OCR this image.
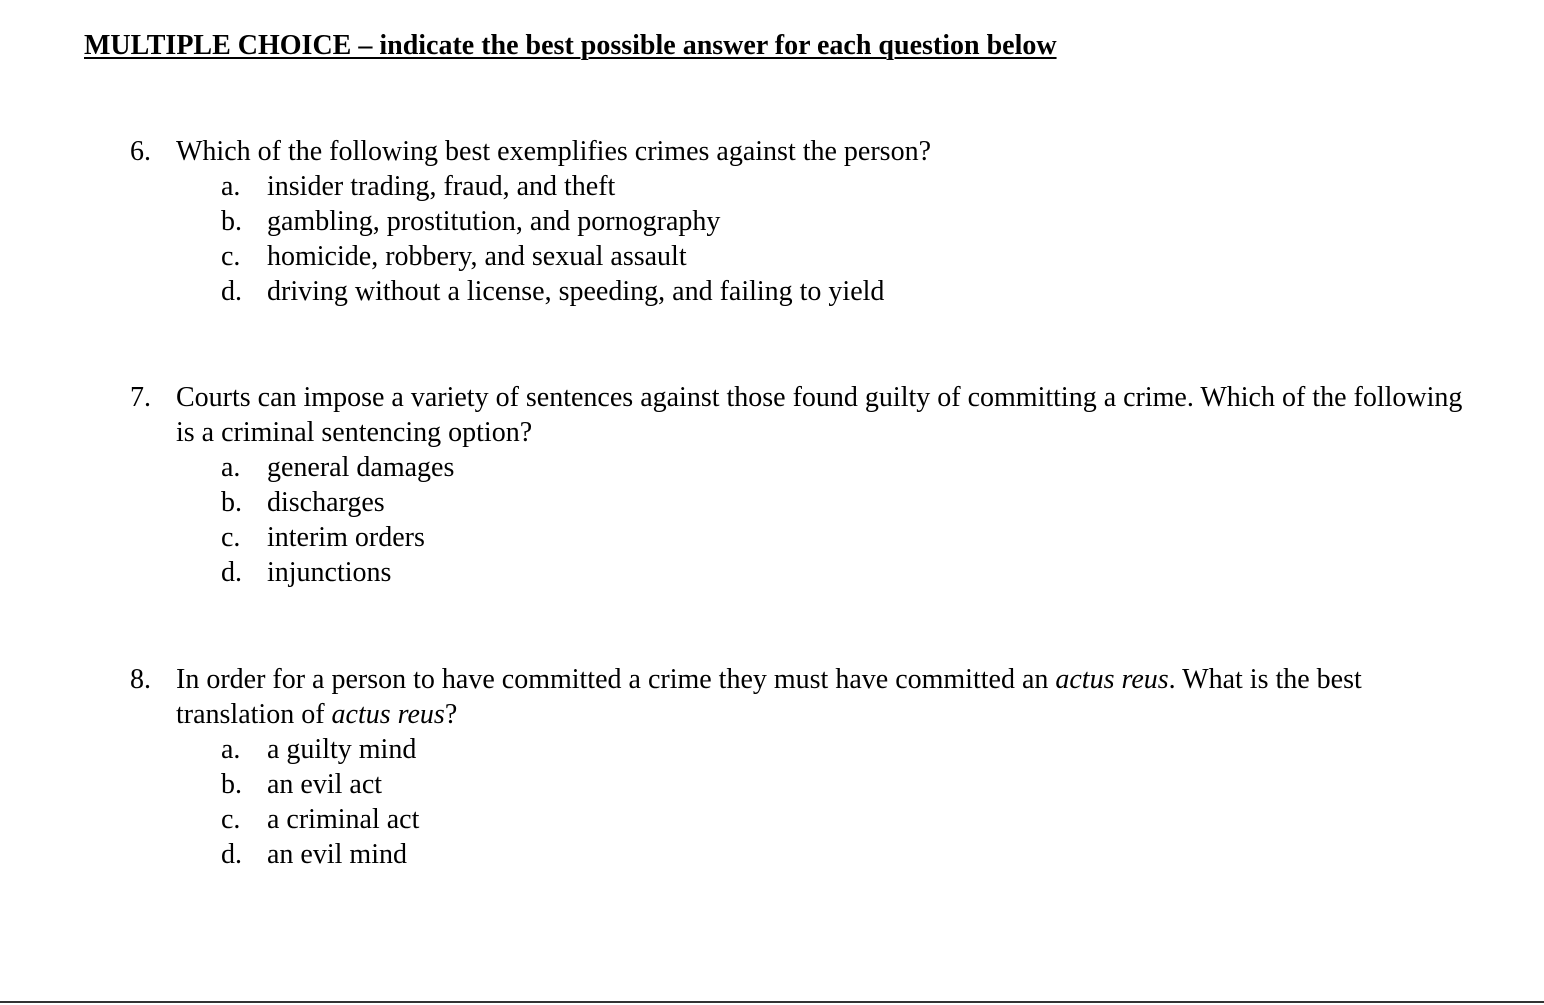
MULTIPLE CHOICE – indicate the best possible answer for each question below
6. Which of the following best exemplifies crimes against the person?
a. insider trading, fraud, and theft
b. gambling, prostitution, and pornography
c. homicide, robbery, and sexual assault
d. driving without a license, speeding, and failing to yield
7. Courts can impose a variety of sentences against those found guilty of committing a crime. Which of the following is a criminal sentencing option?
a. general damages
b. discharges
c. interim orders
d. injunctions
8. In order for a person to have committed a crime they must have committed an actus reus. What is the best translation of actus reus?
a. a guilty mind
b. an evil act
c. a criminal act
d. an evil mind
